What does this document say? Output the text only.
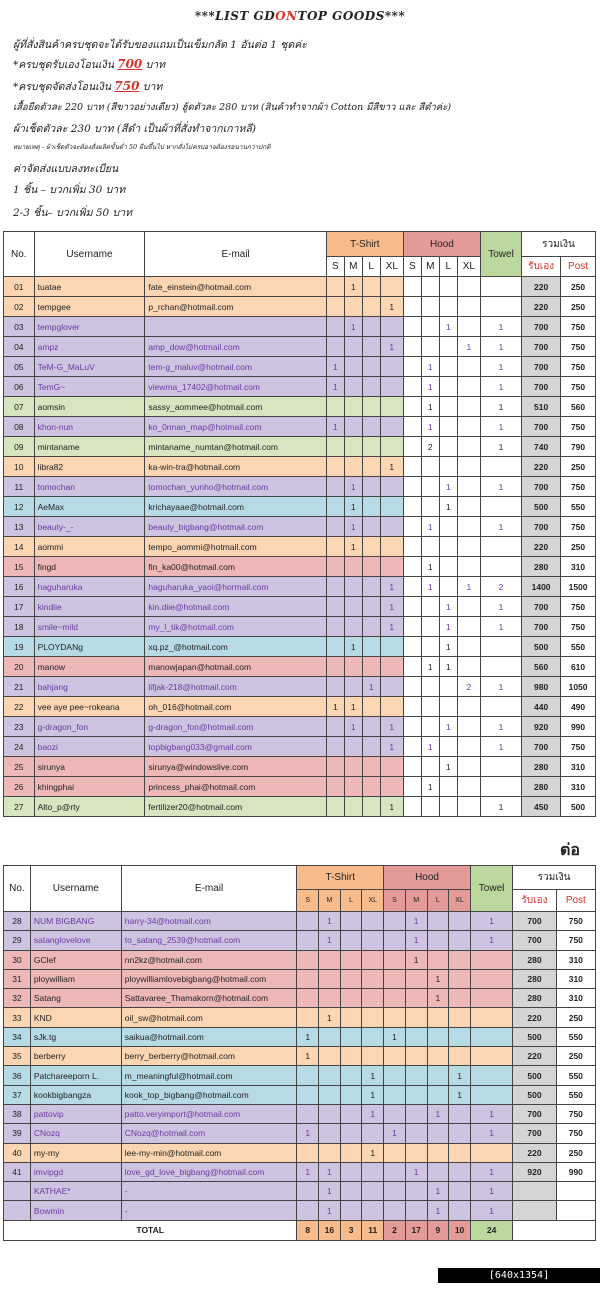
***LIST GDONTOP GOODS***
ผู้ที่สั่งสินค้าครบชุดจะได้รับของแถมเป็นเข็มกลัด 1 อันต่อ 1 ชุดค่ะ
*ครบชุดรับเองโอนเงิน 700 บาท
*ครบชุดจัดส่งโอนเงิน 750 บาท
เสื้อยืดตัวละ 220 บาท (สีขาวอย่างเดียว) ฮู้ดตัวละ 280 บาท (สินค้าทำจากผ้า Cotton มีสีขาว และ สีดำค่ะ)
ผ้าเช็ดตัวละ 230 บาท (สีดำ เป็นผ้าที่สั่งทำจากเกาหลี)
หมายเหตุ - ผ้าเช็ดตัวจะต้องสั่งผลิตขั้นต่ำ 50 ผืนขึ้นไป หากสั่งไม่ครบอาจต้องรอนานกว่าปกติ
ค่าจัดส่งแบบลงทะเบียน
1 ชิ้น – บวกเพิ่ม 30 บาท
2-3 ชิ้น– บวกเพิ่ม 50 บาท
No.	Username	E-mail	T-Shirt				Hood				Towel	รวมเงิน	
			S	M	L	XL	S	M	L	XL		รับเอง	Post
01	tuatae	fate_einstein@hotmail.com		1								220	250
02	tempgee	p_rchan@hotmail.com				1						220	250
03	tempglover			1					1		1	700	750
04	ampz	amp_dow@hotmail.com				1				1	1	700	750
05	TeM-G_MaLuV	tem-g_maluv@hotmail.com	1					1			1	700	750
06	TemG~	viewma_17402@hotmail.com	1					1			1	700	750
07	aomsin	sassy_aommee@hotmail.com						1			1	510	560
08	khon-nun	ko_0nnan_map@hotmail.com	1					1			1	700	750
09	mintaname	mintaname_numtan@hotmail.com						2			1	740	790
10	libra82	ka-win-tra@hotmail.com				1						220	250
11	tomochan	tomochan_yunho@hotmail.com		1					1		1	700	750
12	AeMax	krichayaae@hotmail.com		1					1			500	550
13	beauty-_-	beauty_bigbang@hotmail.com		1				1			1	700	750
14	aommi	tempo_aommi@hotmail.com		1								220	250
15	fingd	fin_ka00@hotmail.com						1				280	310
16	haguharuka	haguharuka_yaoi@hormail.com				1		1		1	2	1400	1500
17	kindiie	kin.diie@hotmail.com				1			1		1	700	750
18	smile~mild	my_l_tik@hotmail.com				1			1		1	700	750
19	PLOYDANg	xq.pz_@hotmail.com		1					1			500	550
20	manow	manowjapan@hotmail.com						1	1			560	610
21	bahjang	lifjak-218@hotmail.com			1					2	1	980	1050
22	vee aye pee~rokeana	oh_016@hotmail.com	1	1								440	490
23	g-dragon_fon	g-dragon_fon@hotmail.com		1		1			1		1	920	990
24	baozi	topbigbang033@gmail.com				1		1			1	700	750
25	sirunya	sirunya@windowslive.com							1			280	310
26	khingphai	princess_phai@hotmail.com						1				280	310
27	Alto_p@rty	fertilizer20@hotmail.com				1					1	450	500
ต่อ
No.	Username	E-mail	T-Shirt				Hood				Towel	รวมเงิน	
			S	M	L	XL	S	M	L	XL		รับเอง	Post
28	NUM BIGBANG	harry-34@hotmail.com		1				1			1	700	750
29	satanglovelove	to_satang_2539@hotmail.com		1				1			1	700	750
30	GClef	nn2kz@hotmail.com						1				280	310
31	ploywilliam	ploywilliamlovebigbang@hotmail.com							1			280	310
32	Satang	Sattavaree_Thamakorn@hotmail.com							1			280	310
33	KND	oil_sw@hotmail.com		1								220	250
34	sJk.tg	saikua@hotmail.com	1				1					500	550
35	berberry	berry_berberry@hotmail.com	1									220	250
36	Patchareeporn L.	m_meaningful@hotmail.com				1				1		500	550
37	kookbigbangza	kook_top_bigbang@hotmail.com				1				1		500	550
38	pattovip	patto.veryimport@hotmail.com				1			1		1	700	750
39	CNozq	CNozq@hotmail.com	1				1				1	700	750
40	my-my	lee-my-min@hotmail.com				1						220	250
41	imvipgd	love_gd_love_bigbang@hotmail.com	1	1				1			1	920	990
	KATHAE*	-		1					1		1		
	Bowmin	-		1					1		1		
TOTAL			8	16	3	11	2	17	9	10	24		
[640x1354] https://upic.me/
